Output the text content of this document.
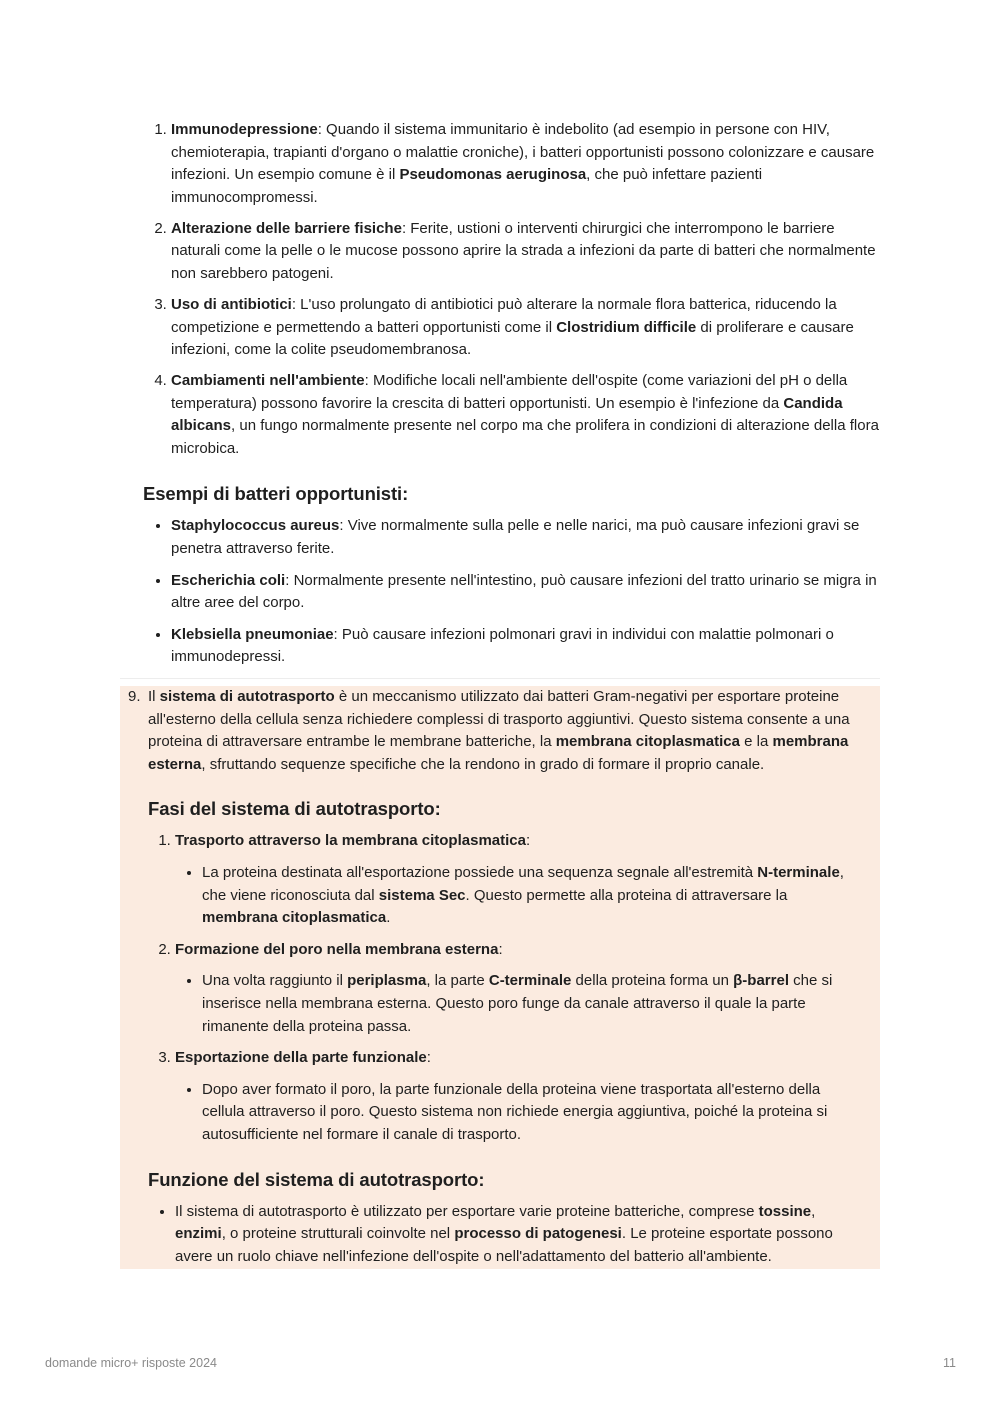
1. Immunodepressione: Quando il sistema immunitario è indebolito (ad esempio in persone con HIV, chemioterapia, trapianti d'organo o malattie croniche), i batteri opportunisti possono colonizzare e causare infezioni. Un esempio comune è il Pseudomonas aeruginosa, che può infettare pazienti immunocompromessi.
2. Alterazione delle barriere fisiche: Ferite, ustioni o interventi chirurgici che interrompono le barriere naturali come la pelle o le mucose possono aprire la strada a infezioni da parte di batteri che normalmente non sarebbero patogeni.
3. Uso di antibiotici: L'uso prolungato di antibiotici può alterare la normale flora batterica, riducendo la competizione e permettendo a batteri opportunisti come il Clostridium difficile di proliferare e causare infezioni, come la colite pseudomembranosa.
4. Cambiamenti nell'ambiente: Modifiche locali nell'ambiente dell'ospite (come variazioni del pH o della temperatura) possono favorire la crescita di batteri opportunisti. Un esempio è l'infezione da Candida albicans, un fungo normalmente presente nel corpo ma che prolifera in condizioni di alterazione della flora microbica.
Esempi di batteri opportunisti:
• Staphylococcus aureus: Vive normalmente sulla pelle e nelle narici, ma può causare infezioni gravi se penetra attraverso ferite.
• Escherichia coli: Normalmente presente nell'intestino, può causare infezioni del tratto urinario se migra in altre aree del corpo.
• Klebsiella pneumoniae: Può causare infezioni polmonari gravi in individui con malattie polmonari o immunodepressi.
9. Il sistema di autotrasporto è un meccanismo utilizzato dai batteri Gram-negativi per esportare proteine all'esterno della cellula senza richiedere complessi di trasporto aggiuntivi. Questo sistema consente a una proteina di attraversare entrambe le membrane batteriche, la membrana citoplasmatica e la membrana esterna, sfruttando sequenze specifiche che la rendono in grado di formare il proprio canale.
Fasi del sistema di autotrasporto:
1. Trasporto attraverso la membrana citoplasmatica:
• La proteina destinata all'esportazione possiede una sequenza segnale all'estremità N-terminale, che viene riconosciuta dal sistema Sec. Questo permette alla proteina di attraversare la membrana citoplasmatica.
2. Formazione del poro nella membrana esterna:
• Una volta raggiunto il periplasma, la parte C-terminale della proteina forma un β-barrel che si inserisce nella membrana esterna. Questo poro funge da canale attraverso il quale la parte rimanente della proteina passa.
3. Esportazione della parte funzionale:
• Dopo aver formato il poro, la parte funzionale della proteina viene trasportata all'esterno della cellula attraverso il poro. Questo sistema non richiede energia aggiuntiva, poiché la proteina si autosufficiente nel formare il canale di trasporto.
Funzione del sistema di autotrasporto:
• Il sistema di autotrasporto è utilizzato per esportare varie proteine batteriche, comprese tossine, enzimi, o proteine strutturali coinvolte nel processo di patogenesi. Le proteine esportate possono avere un ruolo chiave nell'infezione dell'ospite o nell'adattamento del batterio all'ambiente.
domande micro+ risposte 2024	11
